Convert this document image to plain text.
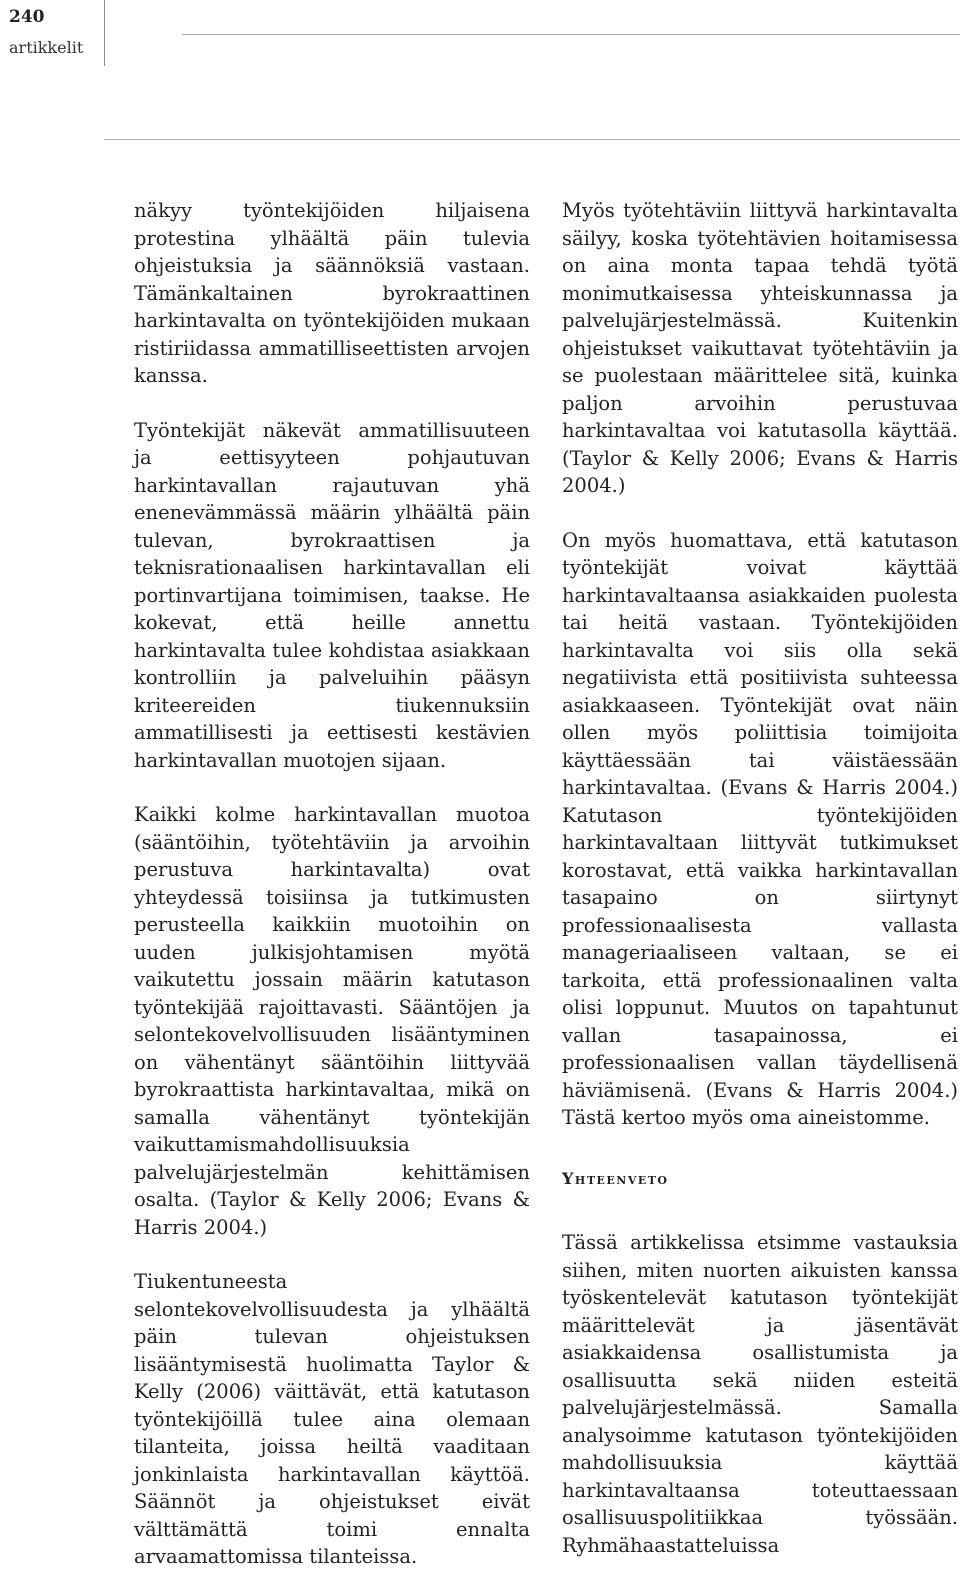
240
artikkelit

näkyy työntekijöiden hiljaisena protestina ylhäältä päin tulevia ohjeistuksia ja säännöksiä vastaan. Tämänkaltainen byrokraattinen harkintavalta on työntekijöiden mukaan ristiriidassa ammatilliseettisten arvojen kanssa.

Työntekijät näkevät ammatillisuuteen ja eettisyyteen pohjautuvan harkintavallan rajautuvan yhä enenevämmässä määrin ylhäältä päin tulevan, byrokraattisen ja teknisrationaalisen harkintavallan eli portinvartijana toimimisen, taakse. He kokevat, että heille annettu harkintavalta tulee kohdistaa asiakkaan kontrolliin ja palveluihin pääsyn kriteereiden tiukennuksiin ammatillisesti ja eettisesti kestävien harkintavallan muotojen sijaan.

Kaikki kolme harkintavallan muotoa (sääntöihin, työtehtäviin ja arvoihin perustuva harkintavalta) ovat yhteydessä toisiinsa ja tutkimusten perusteella kaikkiin muotoihin on uuden julkisjohtamisen myötä vaikutettu jossain määrin katutason työntekijää rajoittavasti. Sääntöjen ja selontekovelvollisuuden lisääntyminen on vähentänyt sääntöihin liittyvää byrokraattista harkintavaltaa, mikä on samalla vähentänyt työntekijän vaikuttamismahdollisuuksia palvelujärjestelmän kehittämisen osalta. (Taylor & Kelly 2006; Evans & Harris 2004.)

Tiukentuneesta selontekovelvollisuudesta ja ylhäältä päin tulevan ohjeistuksen lisääntymisestä huolimatta Taylor & Kelly (2006) väittävät, että katutason työntekijöillä tulee aina olemaan tilanteita, joissa heiltä vaaditaan jonkinlaista harkintavallan käyttöä. Säännöt ja ohjeistukset eivät välttämättä toimi ennalta arvaamattomissa tilanteissa.

Myös työtehtäviin liittyvä harkintavalta säilyy, koska työtehtävien hoitamisessa on aina monta tapaa tehdä työtä monimutkaisessa yhteiskunnassa ja palvelujärjestelmässä. Kuitenkin ohjeistukset vaikuttavat työtehtäviin ja se puolestaan määrittelee sitä, kuinka paljon arvoihin perustuvaa harkintavaltaa voi katutasolla käyttää. (Taylor & Kelly 2006; Evans & Harris 2004.)

On myös huomattava, että katutason työntekijät voivat käyttää harkintavaltaansa asiakkaiden puolesta tai heitä vastaan. Työntekijöiden harkintavalta voi siis olla sekä negatiivista että positiivista suhteessa asiakkaaseen. Työntekijät ovat näin ollen myös poliittisia toimijoita käyttäessään tai väistäessään harkintavaltaa. (Evans & Harris 2004.) Katutason työntekijöiden harkintavaltaan liittyvät tutkimukset korostavat, että vaikka harkintavallan tasapaino on siirtynyt professionaalisesta vallasta manageriaaliseen valtaan, se ei tarkoita, että professionaalinen valta olisi loppunut. Muutos on tapahtunut vallan tasapainossa, ei professionaalisen vallan täydellisenä häviämisenä. (Evans & Harris 2004.) Tästä kertoo myös oma aineistomme.

Yhteenveto

Tässä artikkelissa etsimme vastauksia siihen, miten nuorten aikuisten kanssa työskentelevät katutason työntekijät määrittelevät ja jäsentävät asiakkaidensa osallistumista ja osallisuutta sekä niiden esteitä palvelujärjestelmässä. Samalla analysoimme katutason työntekijöiden mahdollisuuksia käyttää harkintavaltaansa toteuttaessaan osallisuuspolitiikkaa työssään. Ryhmähaastatteluissa
